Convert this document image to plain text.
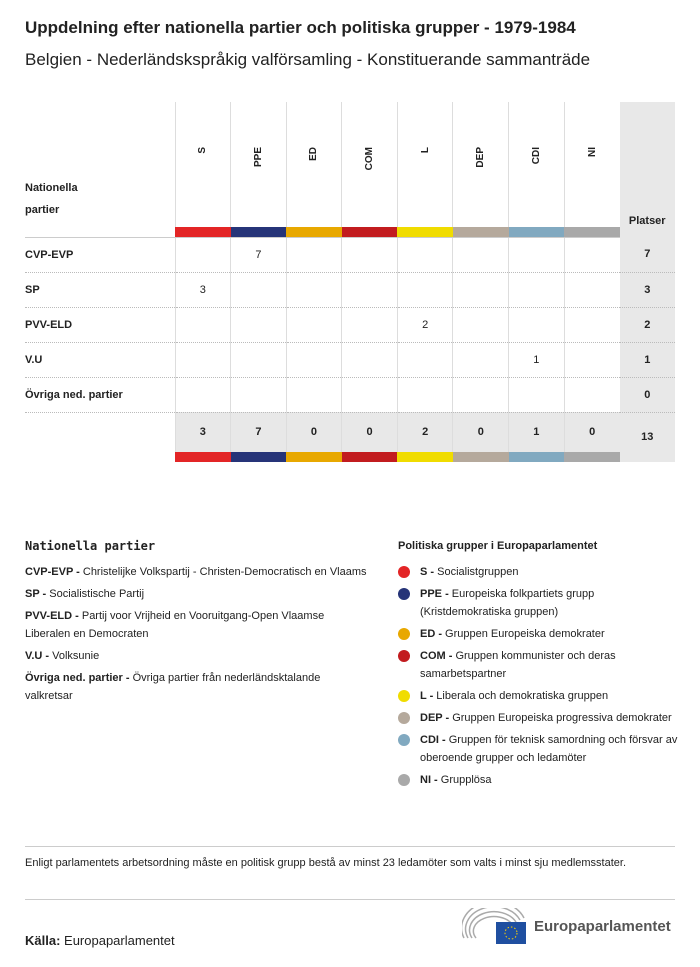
Uppdelning efter nationella partier och politiska grupper - 1979-1984
Belgien - Nederländskspråkig valförsamling - Konstituerande sammanträde
Nationella partier	S	PPE	ED	COM	L	DEP	CDI	NI	Platser

CVP-EVP		7							7
SP	3								3
PVV-ELD					2				2
V.U							1		1
Övriga ned. partier									0
	3	7	0	0	2	0	1	0	13

Nationella partier
CVP-EVP - Christelijke Volkspartij - Christen-Democratisch en Vlaams
SP - Socialistische Partij
PVV-ELD - Partij voor Vrijheid en Vooruitgang-Open Vlaamse Liberalen en Democraten
V.U - Volksunie
Övriga ned. partier - Övriga partier från nederländsktalande valkretsar
Politiska grupper i Europaparlamentet
S - Socialistgruppen
PPE - Europeiska folkpartiets grupp (Kristdemokratiska gruppen)
ED - Gruppen Europeiska demokrater
COM - Gruppen kommunister och deras samarbetspartner
L - Liberala och demokratiska gruppen
DEP - Gruppen Europeiska progressiva demokrater
CDI - Gruppen för teknisk samordning och försvar av oberoende grupper och ledamöter
NI - Grupplösa
Enligt parlamentets arbetsordning måste en politisk grupp bestå av minst 23 ledamöter som valts i minst sju medlemsstater.
Källa: Europaparlamentet
Europaparlamentet
